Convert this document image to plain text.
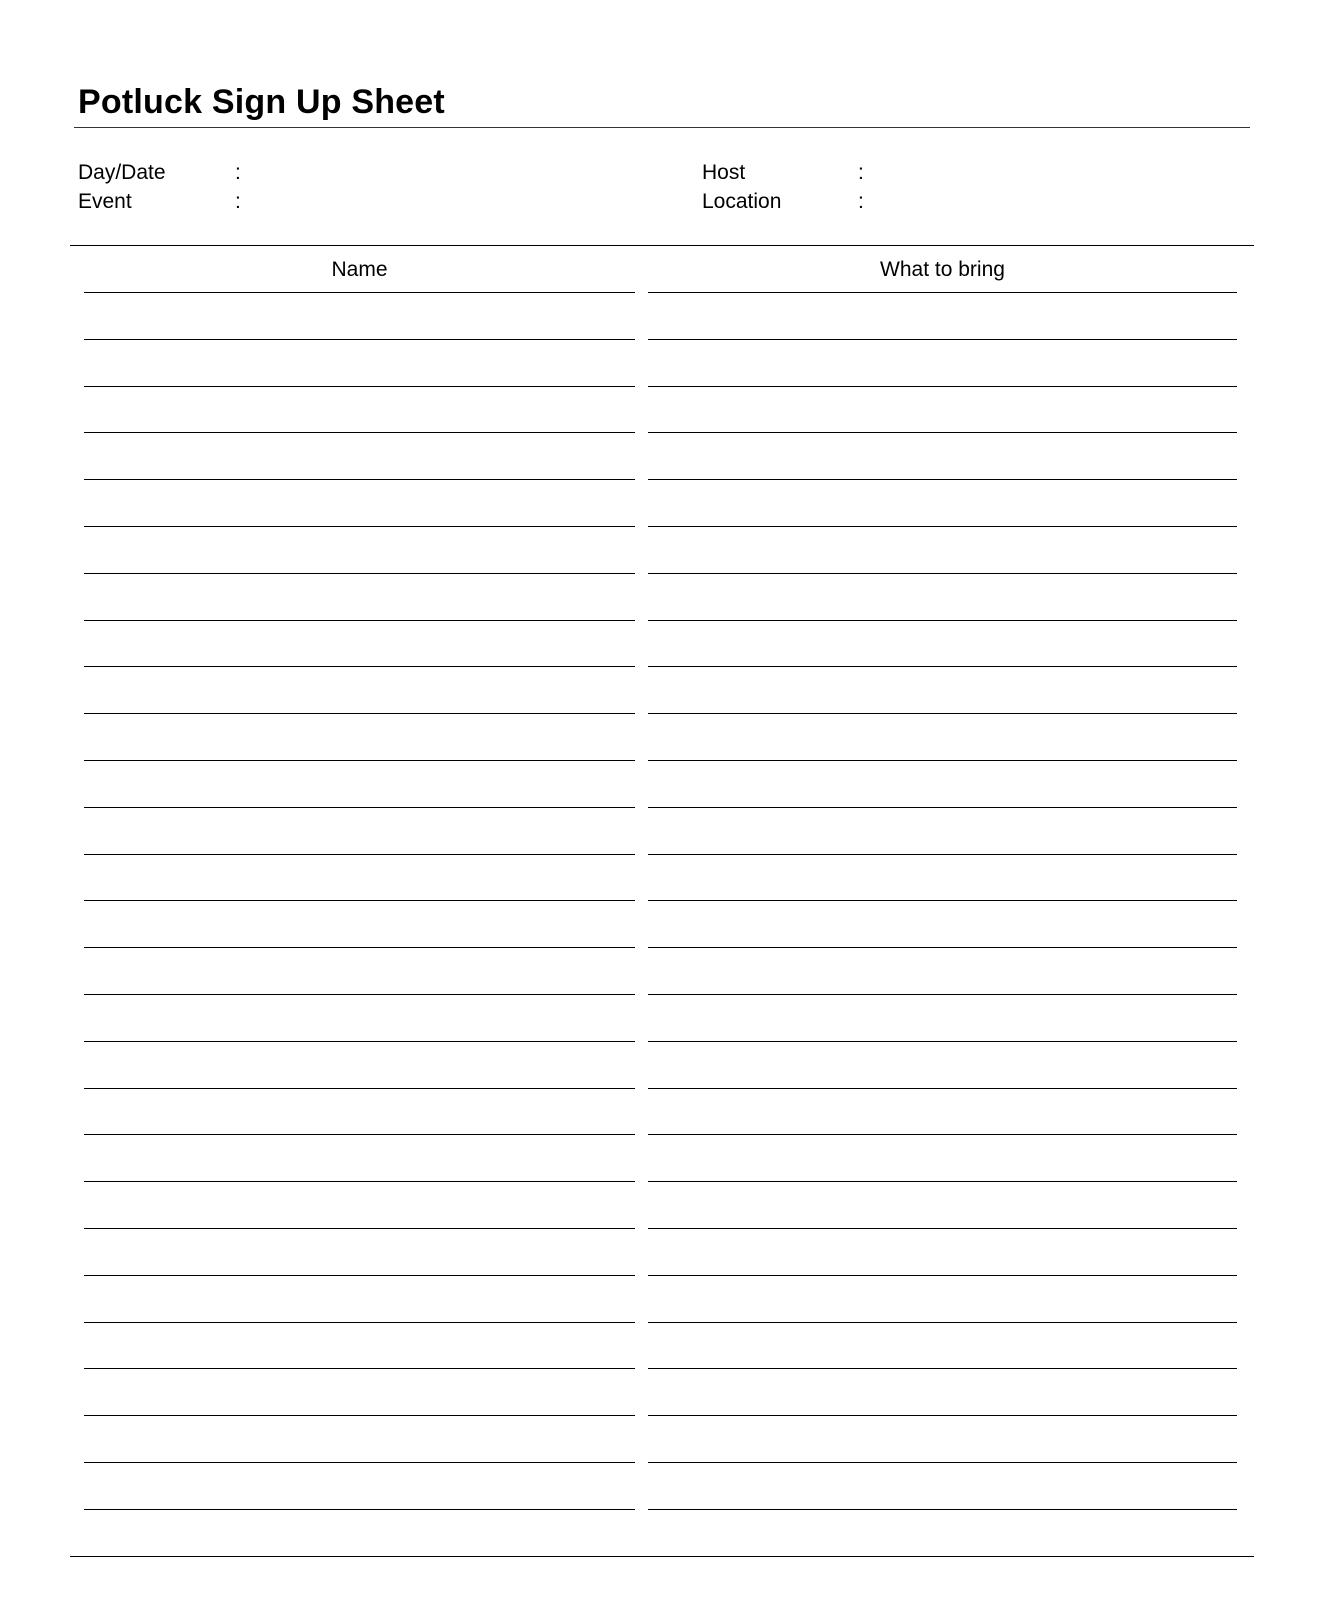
Potluck Sign Up Sheet
Day/Date	:
Event	:
Host	:
Location	:
Name	What to bring
